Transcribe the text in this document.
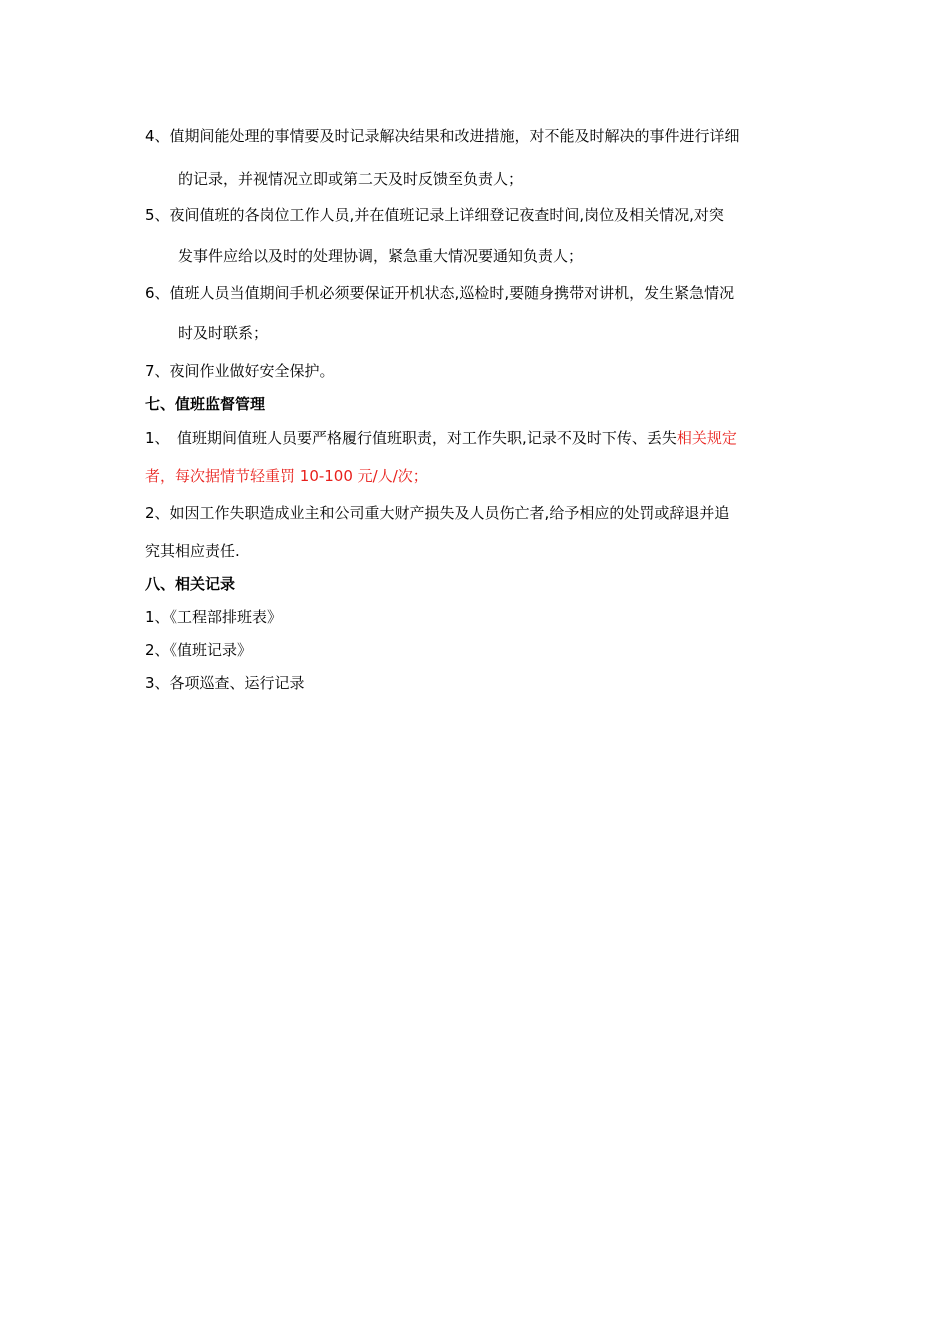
4、值期间能处理的事情要及时记录解决结果和改进措施，对不能及时解决的事件进行详细

的记录，并视情况立即或第二天及时反馈至负责人；

5、夜间值班的各岗位工作人员,并在值班记录上详细登记夜查时间,岗位及相关情况,对突

发事件应给以及时的处理协调，紧急重大情况要通知负责人；

6、值班人员当值期间手机必须要保证开机状态,巡检时,要随身携带对讲机，发生紧急情况

时及时联系；

7、夜间作业做好安全保护。

七、值班监督管理

1、　值班期间值班人员要严格履行值班职责，对工作失职,记录不及时下传、丢失相关规定

者，每次据情节轻重罚 10-100 元/人/次；

2、如因工作失职造成业主和公司重大财产损失及人员伤亡者,给予相应的处罚或辞退并追

究其相应责任.

八、相关记录

1、《工程部排班表》

2、《值班记录》

3、各项巡查、运行记录
